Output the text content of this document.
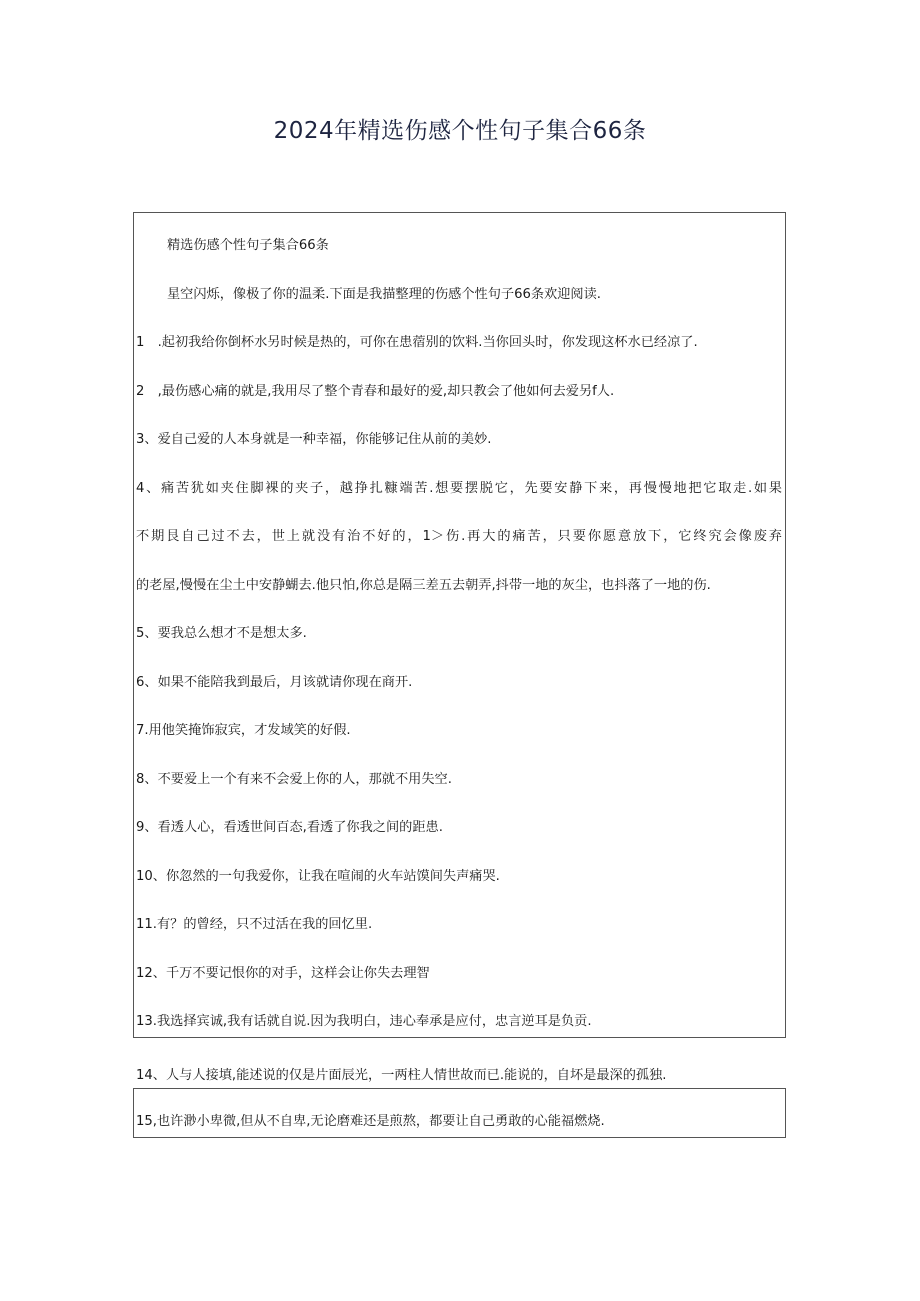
2024年精选伤感个性句子集合66条
精选伤感个性句子集合66条
星空闪烁，像极了你的温柔.下面是我描整理的伤感个性句子66条欢迎阅读.
1　.起初我给你倒杯水另时候是热的，可你在患蓿别的饮料.当你回头时，你发现这杯水已经凉了.
2　,最伤感心痛的就是,我用尽了整个青春和最好的爱,却只教会了他如何去爱另f人.
3、爱自己爱的人本身就是一种幸福，你能够记住从前的美妙.
4、痛苦犹如夹住脚裸的夹子，越挣扎糠端苦.想要摆脱它，先要安静下来，再慢慢地把它取走.如果
不期艮自己过不去，世上就没有治不好的，1＞伤.再大的痛苦，只要你愿意放下，它终究会像废弃
的老屋,慢慢在尘土中安静蝴去.他只怕,你总是隔三差五去朝弄,抖带一地的灰尘，也抖落了一地的伤.
5、要我总么想才不是想太多.
6、如果不能陪我到最后，月该就请你现在商开.
7.用他笑掩饰寂宾，才发域笑的好假.
8、不要爱上一个有来不会爱上你的人，那就不用失空.
9、看透人心，看透世间百态,看透了你我之间的距患.
10、你忽然的一句我爱你，让我在喧闹的火车站馍间失声痛哭.
11.有？的曾经，只不过活在我的回忆里.
12、千万不要记恨你的对手，这样会让你失去理智
13.我选择宾诚,我有话就自说.因为我明白，违心奉承是应付，忠言逆耳是负贡.
14、人与人接填,能述说的仅是片面辰光，一两柱人情世故而已.能说的，自坏是最深的孤独.
15,也许渺小卑微,但从不自卑,无论磨难还是煎熬，都要让自己勇敢的心能福燃烧.
